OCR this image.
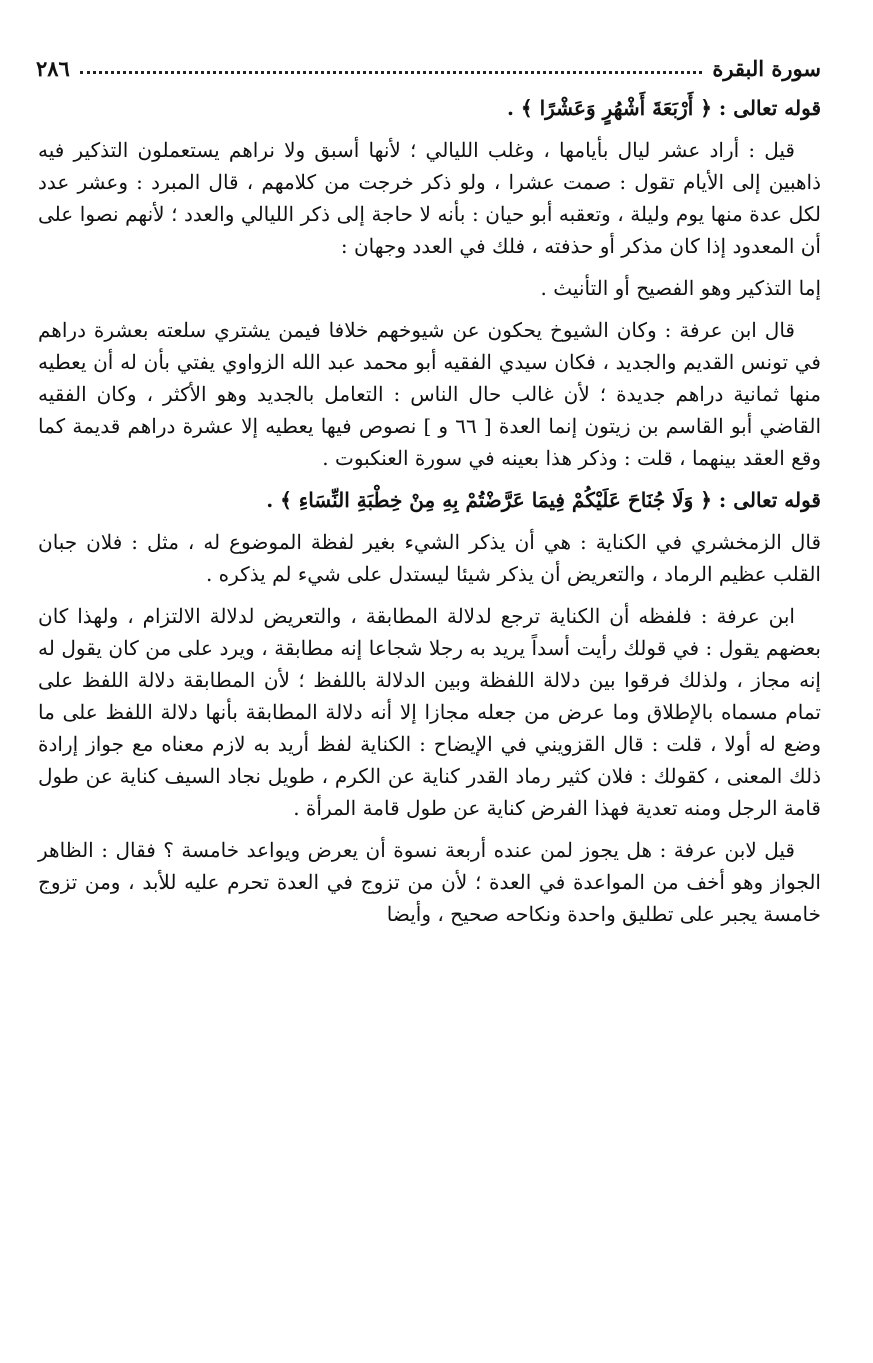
سورة البقرة
٢٨٦

قوله تعالى : ﴿ أَرْبَعَةَ أَشْهُرٍ وَعَشْرًا ﴾ .

قيل : أراد عشر ليال بأيامها ، وغلب الليالي ؛ لأنها أسبق ولا نراهم يستعملون التذكير فيه ذاهبين إلى الأيام تقول : صمت عشرا ، ولو ذكر خرجت من كلامهم ، قال المبرد : وعشر عدد لكل عدة منها يوم وليلة ، وتعقبه أبو حيان : بأنه لا حاجة إلى ذكر الليالي والعدد ؛ لأنهم نصوا على أن المعدود إذا كان مذكر أو حذفته ، فلك في العدد وجهان :

إما التذكير وهو الفصيح أو التأنيث .

قال ابن عرفة : وكان الشيوخ يحكون عن شيوخهم خلافا فيمن يشتري سلعته بعشرة دراهم في تونس القديم والجديد ، فكان سيدي الفقيه أبو محمد عبد الله الزواوي يفتي بأن له أن يعطيه منها ثمانية دراهم جديدة ؛ لأن غالب حال الناس : التعامل بالجديد وهو الأكثر ، وكان الفقيه القاضي أبو القاسم بن زيتون إنما العدة [ ٦٦ و ] نصوص فيها يعطيه إلا عشرة دراهم قديمة كما وقع العقد بينهما ، قلت : وذكر هذا بعينه في سورة العنكبوت .

قوله تعالى : ﴿ وَلَا جُنَاحَ عَلَيْكُمْ فِيمَا عَرَّضْتُمْ بِهِ مِنْ خِطْبَةِ النِّسَاءِ ﴾ .

قال الزمخشري في الكناية : هي أن يذكر الشيء بغير لفظة الموضوع له ، مثل : فلان جبان القلب عظيم الرماد ، والتعريض أن يذكر شيئا ليستدل على شيء لم يذكره .

ابن عرفة : فلفظه أن الكناية ترجع لدلالة المطابقة ، والتعريض لدلالة الالتزام ، ولهذا كان بعضهم يقول : في قولك رأيت أسداً يريد به رجلا شجاعا إنه مطابقة ، ويرد على من كان يقول له إنه مجاز ، ولذلك فرقوا بين دلالة اللفظة وبين الدلالة باللفظ ؛ لأن المطابقة دلالة اللفظ على تمام مسماه بالإطلاق وما عرض من جعله مجازا إلا أنه دلالة المطابقة بأنها دلالة اللفظ على ما وضع له أولا ، قلت : قال القزويني في الإيضاح : الكناية لفظ أريد به لازم معناه مع جواز إرادة ذلك المعنى ، كقولك : فلان كثير رماد القدر كناية عن الكرم ، طويل نجاد السيف كناية عن طول قامة الرجل ومنه تعدية فهذا الفرض كناية عن طول قامة المرأة .

قيل لابن عرفة : هل يجوز لمن عنده أربعة نسوة أن يعرض ويواعد خامسة ؟ فقال : الظاهر الجواز وهو أخف من المواعدة في العدة ؛ لأن من تزوج في العدة تحرم عليه للأبد ، ومن تزوج خامسة يجبر على تطليق واحدة ونكاحه صحيح ، وأيضا
